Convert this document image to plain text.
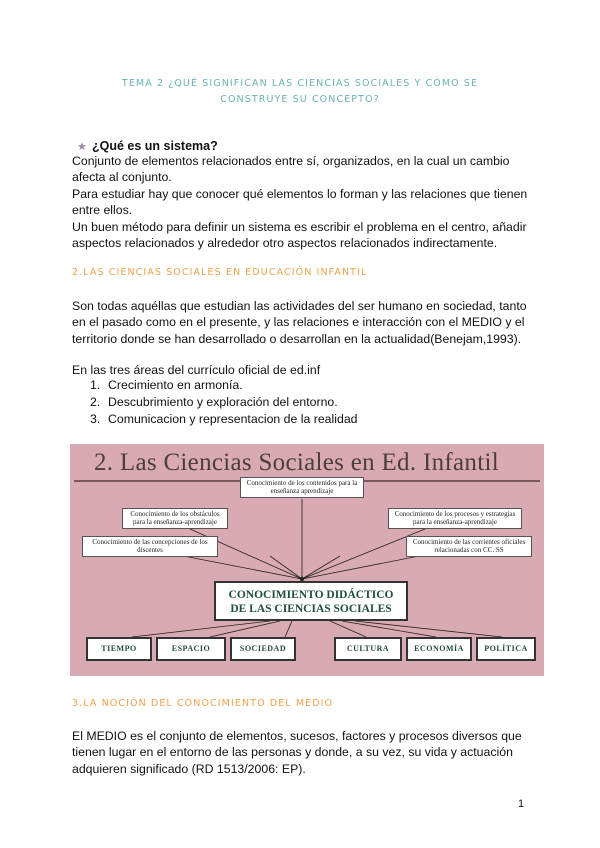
TEMA 2 ¿QUÉ SIGNIFICAN LAS CIENCIAS SOCIALES Y CÓMO SE CONSTRUYE SU CONCEPTO?
★ ¿Qué es un sistema?

Conjunto de elementos relacionados entre sí, organizados, en la cual un cambio afecta al conjunto.

Para estudiar hay que conocer qué elementos lo forman y las relaciones que tienen entre ellos.

Un buen método para definir un sistema es escribir el problema en el centro, añadir aspectos relacionados y alrededor otro aspectos relacionados indirectamente.

2.LAS CIENCIAS SOCIALES EN EDUCACIÓN INFANTIL

Son todas aquéllas que estudian las actividades del ser humano en sociedad, tanto en el pasado como en el presente, y las relaciones e interacción con el MEDIO y el territorio donde se han desarrollado o desarrollan en la actualidad(Benejam,1993).

En las tres áreas del currículo oficial de ed.inf

1. Crecimiento en armonía.
2. Descubrimiento y exploración del entorno.
3. Comunicacion y representacion de la realidad
2. Las Ciencias Sociales en Ed. Infantil
Conocimiento de los contenidos para la enseñanza aprendizaje
Conocimiento de los obstáculos para la enseñanza-aprendizaje
Conocimiento de los procesos y estrategias para la enseñanza-aprendizaje
Conocimiento de las concepciones de los discentes
Conocimiento de las corrientes oficiales relacionadas con CC. SS
CONOCIMIENTO DIDÁCTICO
DE LAS CIENCIAS SOCIALES
TIEMPO	ESPACIO	SOCIEDAD	CULTURA	ECONOMÍA	POLÍTICA
3.LA NOCIÓN DEL CONOCIMIENTO DEL MEDIO

El MEDIO es el conjunto de elementos, sucesos, factores y procesos diversos que tienen lugar en el entorno de las personas y donde, a su vez, su vida y actuación adquieren significado (RD 1513/2006: EP).

1
